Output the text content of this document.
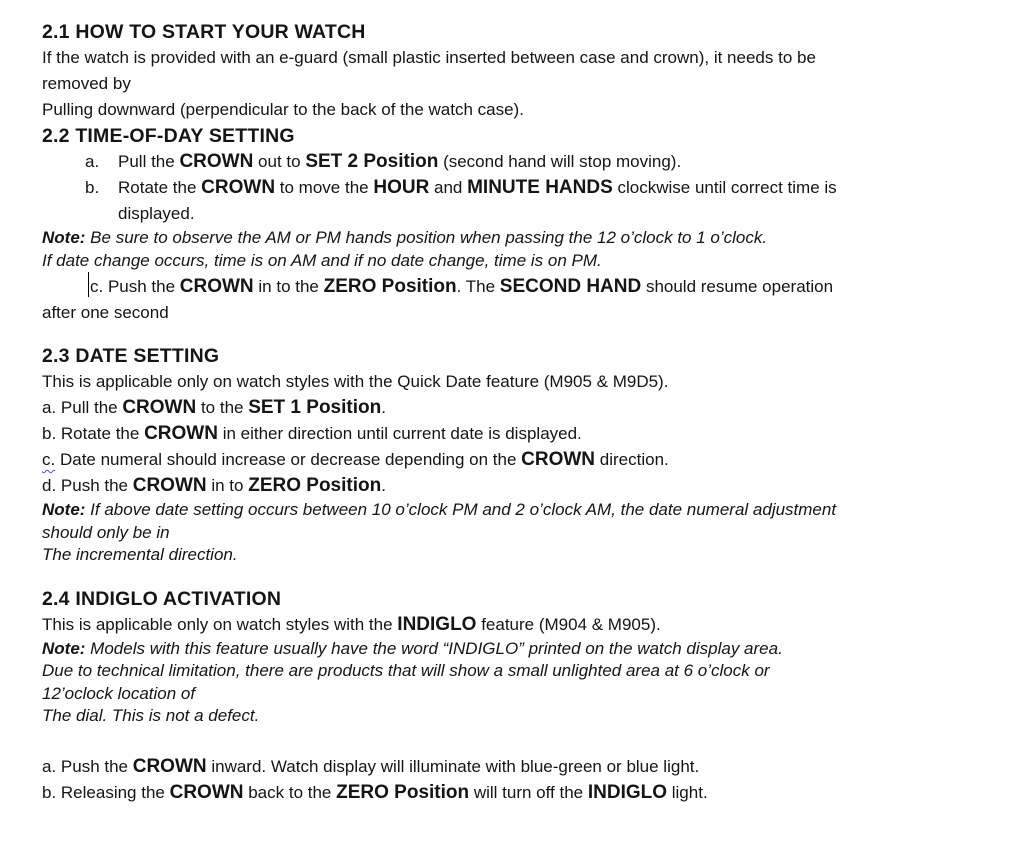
2.1 HOW TO START YOUR WATCH
If the watch is provided with an e-guard (small plastic inserted between case and crown), it needs to be
removed by
Pulling downward (perpendicular to the back of the watch case).
2.2 TIME-OF-DAY SETTING
a. Pull the CROWN out to SET 2 Position (second hand will stop moving).
b. Rotate the CROWN to move the HOUR and MINUTE HANDS clockwise until correct time is
displayed.
Note: Be sure to observe the AM or PM hands position when passing the 12 o’clock to 1 o’clock.
If date change occurs, time is on AM and if no date change, time is on PM.
c. Push the CROWN in to the ZERO Position. The SECOND HAND should resume operation
after one second
2.3 DATE SETTING
This is applicable only on watch styles with the Quick Date feature (M905 & M9D5).
a. Pull the CROWN to the SET 1 Position.
b. Rotate the CROWN in either direction until current date is displayed.
c. Date numeral should increase or decrease depending on the CROWN direction.
d. Push the CROWN in to ZERO Position.
Note: If above date setting occurs between 10 o’clock PM and 2 o’clock AM, the date numeral adjustment
should only be in
The incremental direction.
2.4 INDIGLO ACTIVATION
This is applicable only on watch styles with the INDIGLO feature (M904 & M905).
Note: Models with this feature usually have the word “INDIGLO” printed on the watch display area.
Due to technical limitation, there are products that will show a small unlighted area at 6 o’clock or
12’oclock location of
The dial. This is not a defect.
a. Push the CROWN inward. Watch display will illuminate with blue-green or blue light.
b. Releasing the CROWN back to the ZERO Position will turn off the INDIGLO light.
